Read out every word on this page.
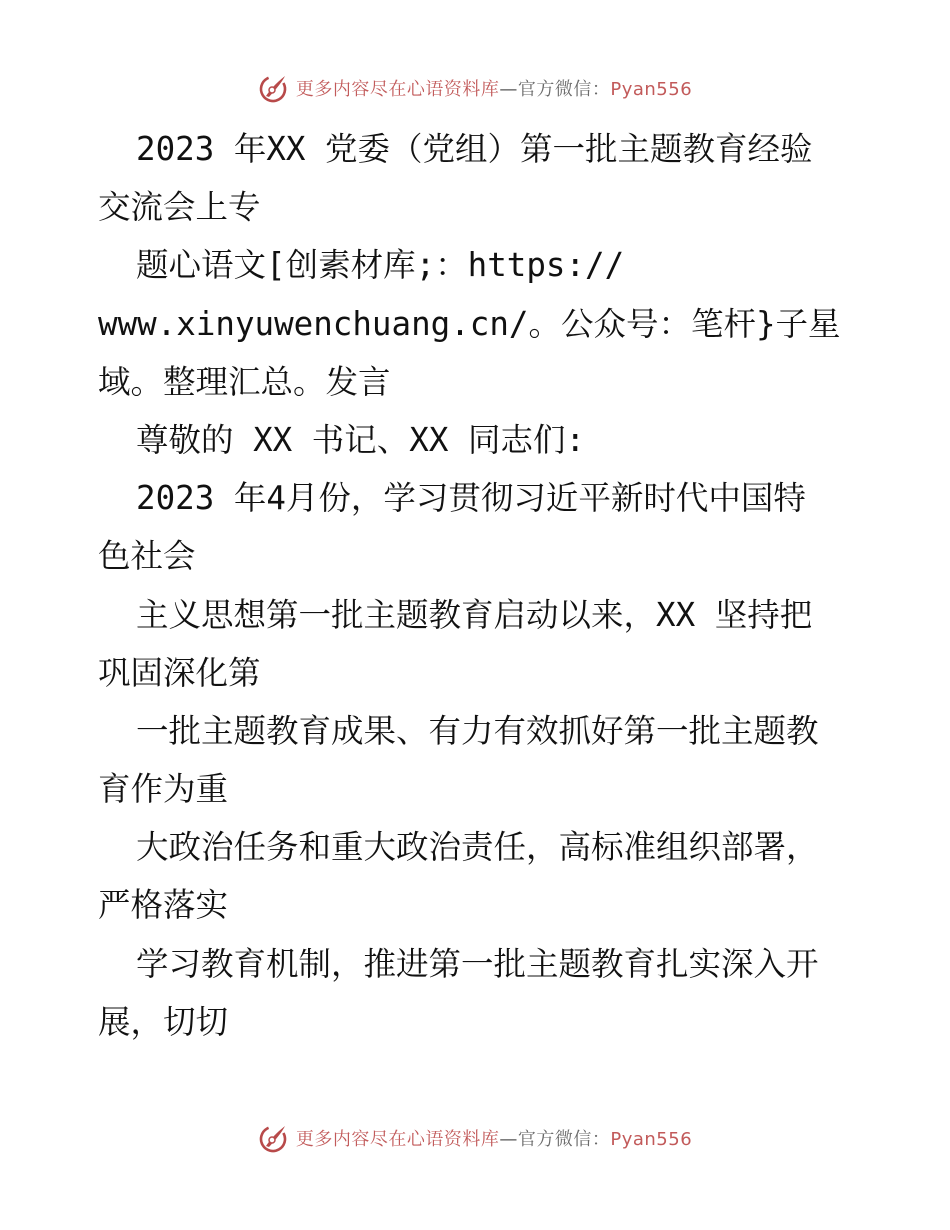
更多内容尽在心语资料库—官方微信：Pyan556
2023 年XX 党委（党组）第一批主题教育经验
交流会上专
题心语文[创素材库;：https://
www.xinyuwenchuang.cn/。公众号：笔杆}子星
域。整理汇总。发言
尊敬的 XX 书记、XX 同志们:
2023 年4月份，学习贯彻习近平新时代中国特
色社会
主义思想第一批主题教育启动以来，XX 坚持把
巩固深化第
一批主题教育成果、有力有效抓好第一批主题教
育作为重
大政治任务和重大政治责任，高标准组织部署，
严格落实
学习教育机制，推进第一批主题教育扎实深入开
展，切切
更多内容尽在心语资料库—官方微信：Pyan556
